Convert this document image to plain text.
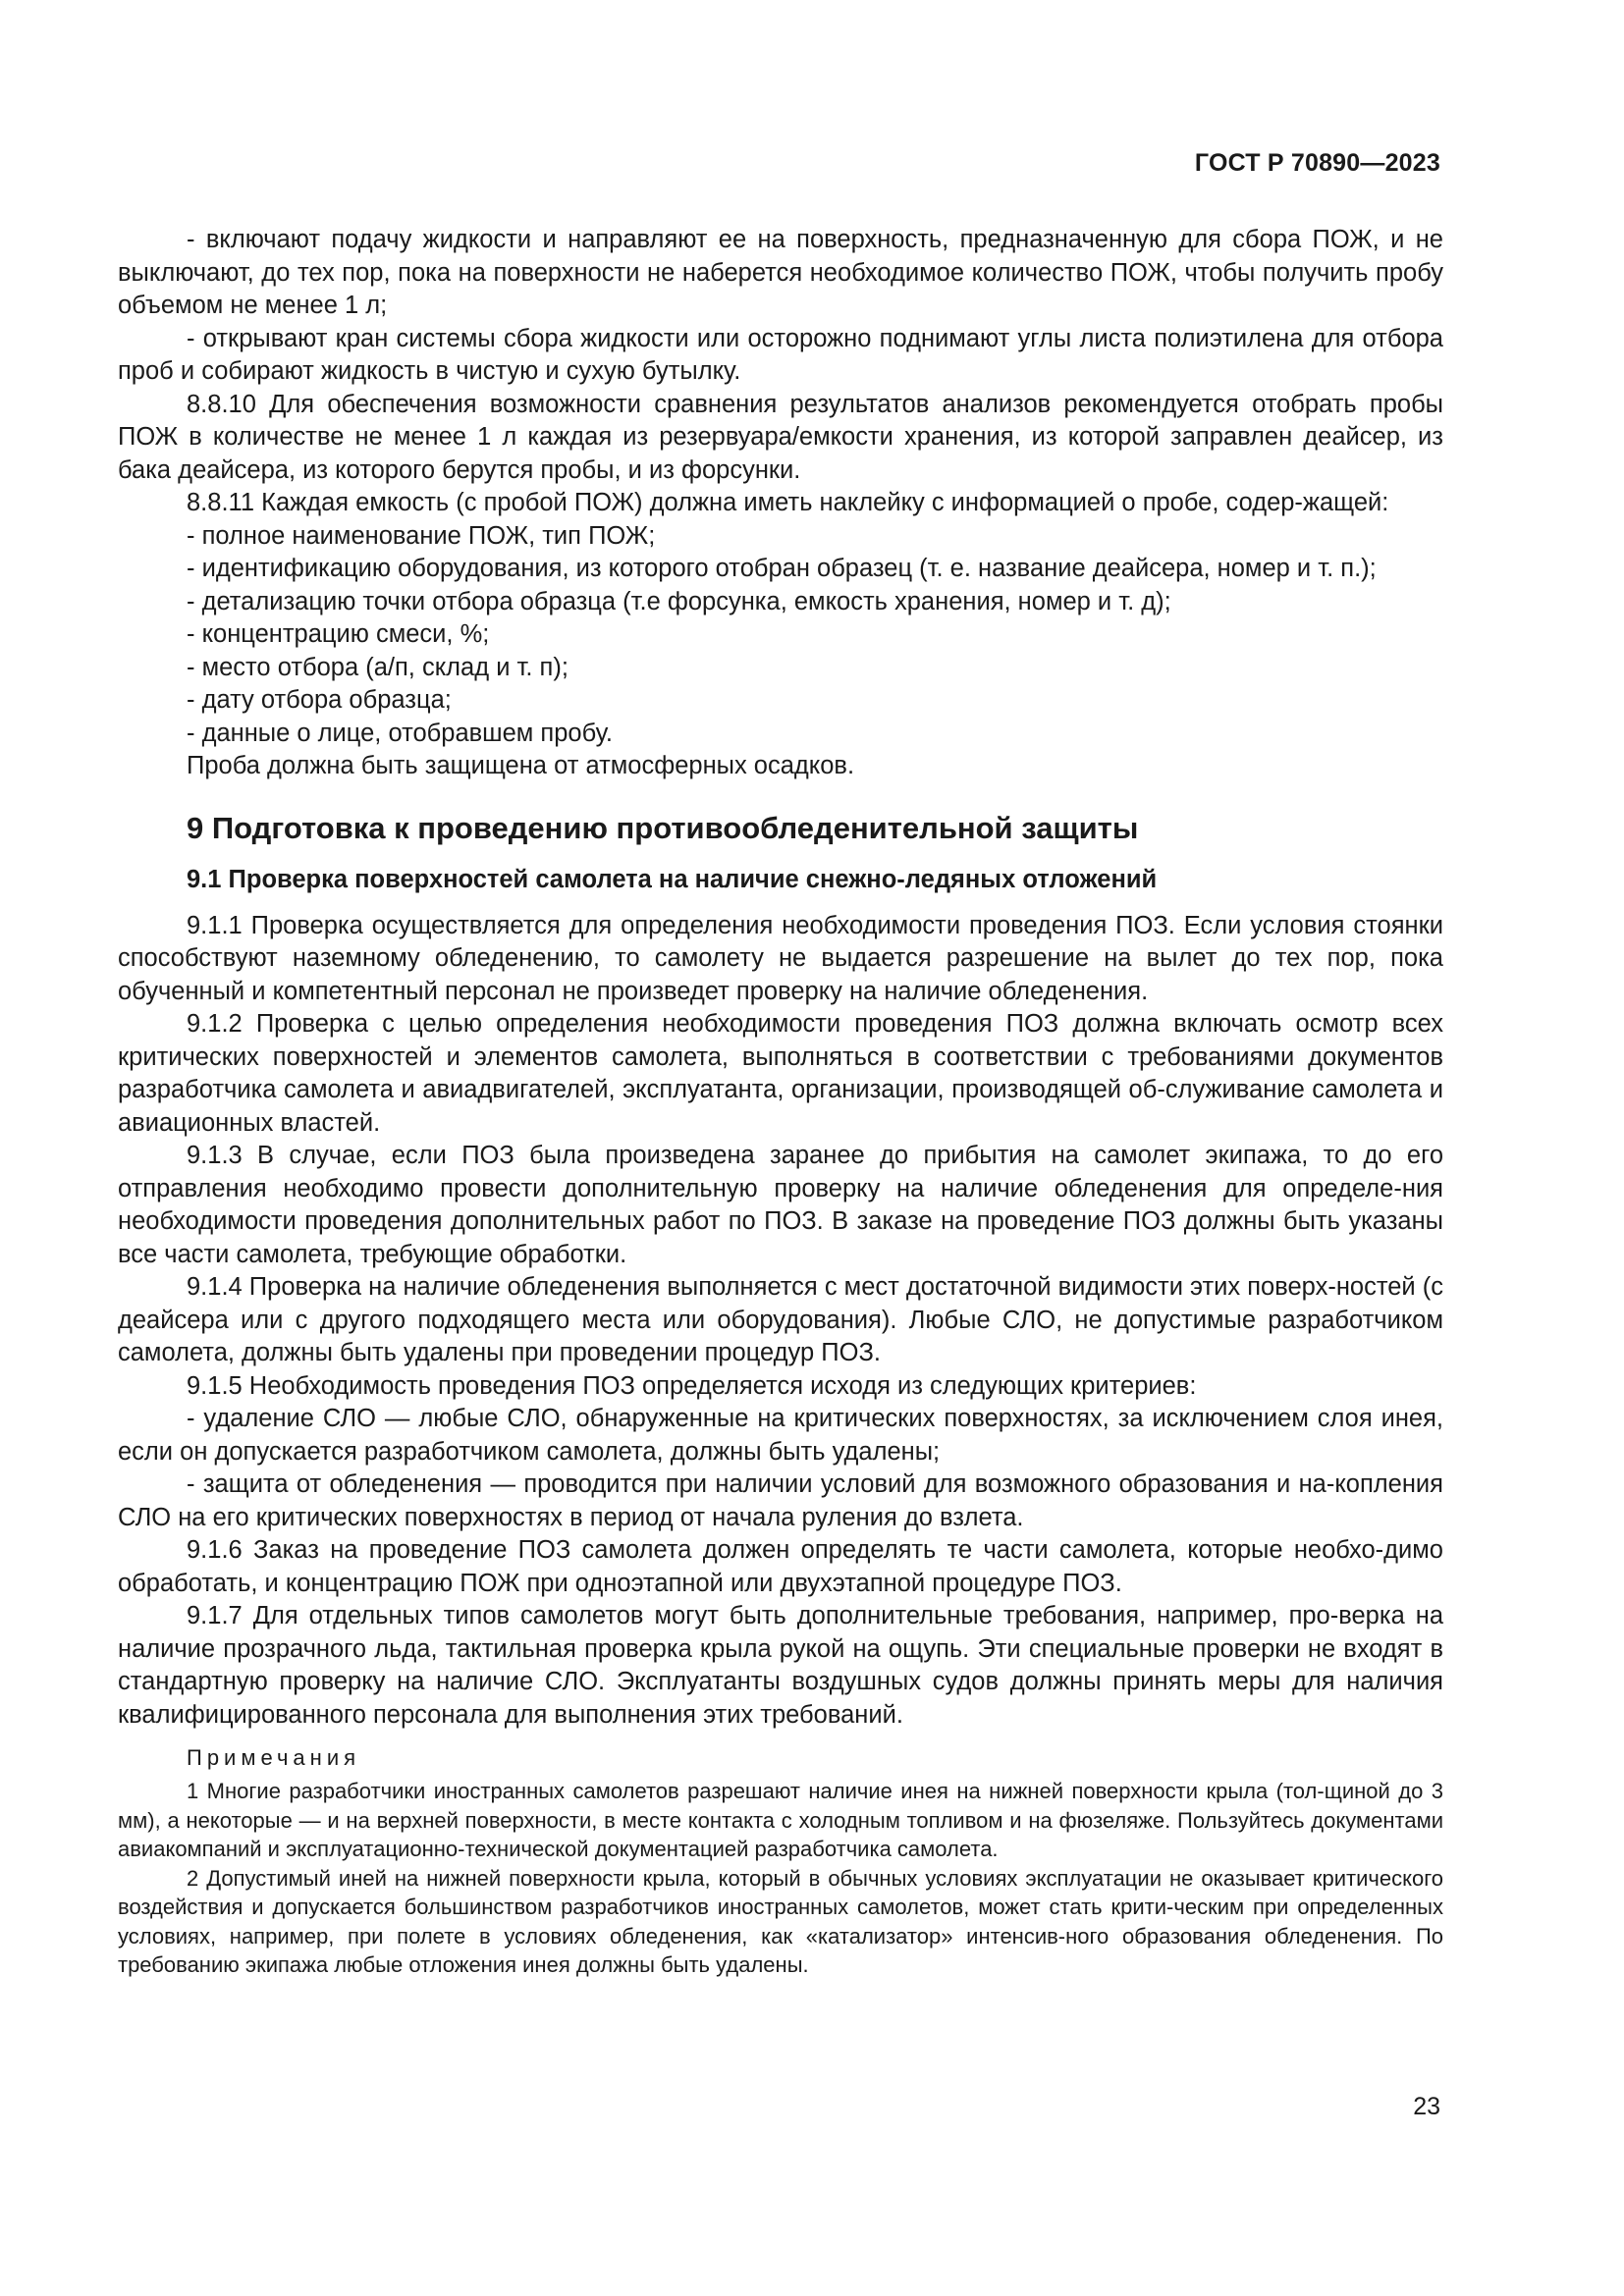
ГОСТ Р 70890—2023

- включают подачу жидкости и направляют ее на поверхность, предназначенную для сбора ПОЖ, и не выключают, до тех пор, пока на поверхности не наберется необходимое количество ПОЖ, чтобы получить пробу объемом не менее 1 л;

- открывают кран системы сбора жидкости или осторожно поднимают углы листа полиэтилена для отбора проб и собирают жидкость в чистую и сухую бутылку.

8.8.10 Для обеспечения возможности сравнения результатов анализов рекомендуется отобрать пробы ПОЖ в количестве не менее 1 л каждая из резервуара/емкости хранения, из которой заправлен деайсер, из бака деайсера, из которого берутся пробы, и из форсунки.

8.8.11 Каждая емкость (с пробой ПОЖ) должна иметь наклейку с информацией о пробе, содер-жащей:

- полное наименование ПОЖ, тип ПОЖ;

- идентификацию оборудования, из которого отобран образец (т. е. название деайсера, номер и т. п.);

- детализацию точки отбора образца (т.е форсунка, емкость хранения, номер и т. д);

- концентрацию смеси, %;

- место отбора (а/п, склад и т. п);

- дату отбора образца;

- данные о лице, отобравшем пробу.

Проба должна быть защищена от атмосферных осадков.

9 Подготовка к проведению противообледенительной защиты
9.1 Проверка поверхностей самолета на наличие снежно-ледяных отложений

9.1.1 Проверка осуществляется для определения необходимости проведения ПОЗ. Если условия стоянки способствуют наземному обледенению, то самолету не выдается разрешение на вылет до тех пор, пока обученный и компетентный персонал не произведет проверку на наличие обледенения.

9.1.2 Проверка с целью определения необходимости проведения ПОЗ должна включать осмотр всех критических поверхностей и элементов самолета, выполняться в соответствии с требованиями документов разработчика самолета и авиадвигателей, эксплуатанта, организации, производящей об-служивание самолета и авиационных властей.

9.1.3 В случае, если ПОЗ была произведена заранее до прибытия на самолет экипажа, то до его отправления необходимо провести дополнительную проверку на наличие обледенения для определе-ния необходимости проведения дополнительных работ по ПОЗ. В заказе на проведение ПОЗ должны быть указаны все части самолета, требующие обработки.

9.1.4 Проверка на наличие обледенения выполняется с мест достаточной видимости этих поверх-ностей (с деайсера или с другого подходящего места или оборудования). Любые СЛО, не допустимые разработчиком самолета, должны быть удалены при проведении процедур ПОЗ.

9.1.5 Необходимость проведения ПОЗ определяется исходя из следующих критериев:

- удаление СЛО — любые СЛО, обнаруженные на критических поверхностях, за исключением слоя инея, если он допускается разработчиком самолета, должны быть удалены;

- защита от обледенения — проводится при наличии условий для возможного образования и на-копления СЛО на его критических поверхностях в период от начала руления до взлета.

9.1.6 Заказ на проведение ПОЗ самолета должен определять те части самолета, которые необхо-димо обработать, и концентрацию ПОЖ при одноэтапной или двухэтапной процедуре ПОЗ.

9.1.7 Для отдельных типов самолетов могут быть дополнительные требования, например, про-верка на наличие прозрачного льда, тактильная проверка крыла рукой на ощупь. Эти специальные проверки не входят в стандартную проверку на наличие СЛО. Эксплуатанты воздушных судов должны принять меры для наличия квалифицированного персонала для выполнения этих требований.

Примечания

1 Многие разработчики иностранных самолетов разрешают наличие инея на нижней поверхности крыла (тол-щиной до 3 мм), а некоторые — и на верхней поверхности, в месте контакта с холодным топливом и на фюзеляже. Пользуйтесь документами авиакомпаний и эксплуатационно-технической документацией разработчика самолета.

2 Допустимый иней на нижней поверхности крыла, который в обычных условиях эксплуатации не оказывает критического воздействия и допускается большинством разработчиков иностранных самолетов, может стать крити-ческим при определенных условиях, например, при полете в условиях обледенения, как «катализатор» интенсив-ного образования обледенения. По требованию экипажа любые отложения инея должны быть удалены.

23
